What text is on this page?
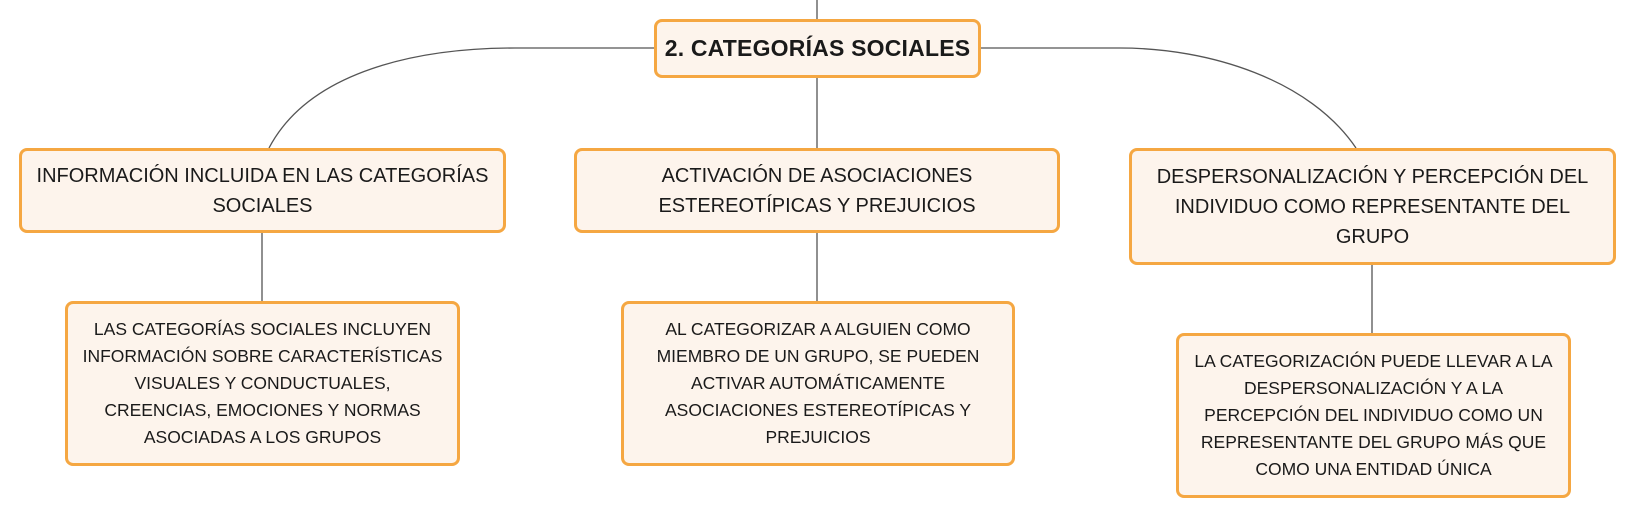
2. CATEGORÍAS SOCIALES
INFORMACIÓN INCLUIDA EN LAS CATEGORÍAS SOCIALES
ACTIVACIÓN DE ASOCIACIONES ESTEREOTÍPICAS Y PREJUICIOS
DESPERSONALIZACIÓN Y PERCEPCIÓN DEL INDIVIDUO COMO REPRESENTANTE DEL GRUPO
LAS CATEGORÍAS SOCIALES INCLUYEN INFORMACIÓN SOBRE CARACTERÍSTICAS VISUALES Y CONDUCTUALES, CREENCIAS, EMOCIONES Y NORMAS ASOCIADAS A LOS GRUPOS
AL CATEGORIZAR A ALGUIEN COMO MIEMBRO DE UN GRUPO, SE PUEDEN ACTIVAR AUTOMÁTICAMENTE ASOCIACIONES ESTEREOTÍPICAS Y PREJUICIOS
LA CATEGORIZACIÓN PUEDE LLEVAR A LA DESPERSONALIZACIÓN Y A LA PERCEPCIÓN DEL INDIVIDUO COMO UN REPRESENTANTE DEL GRUPO MÁS QUE COMO UNA ENTIDAD ÚNICA
